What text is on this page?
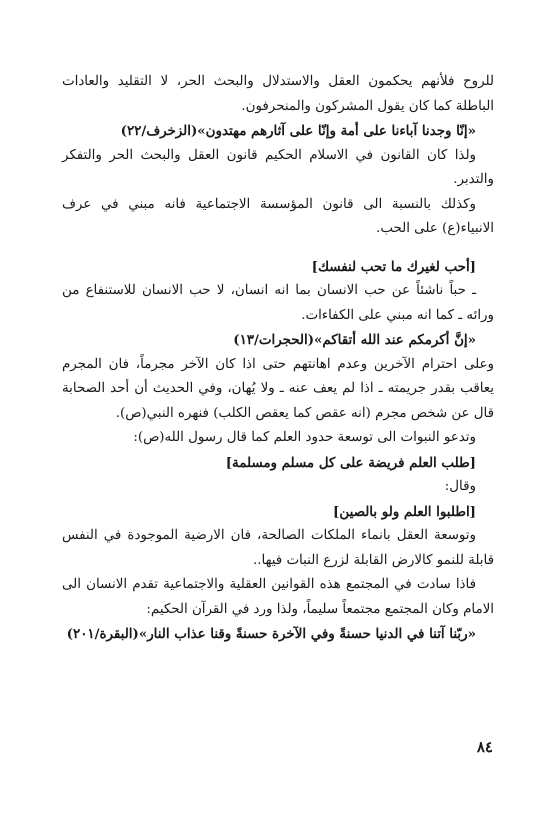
للروح فلأنهم يحكمون العقل والاستدلال والبحث الحر، لا التقليد والعادات الباطلة كما كان يقول المشركون والمنحرفون.

«إنّا وجدنا آباءنا على أمة وإنّا على آثارهم مهتدون»(الزخرف/٢٢)

ولذا كان القانون في الاسلام الحكيم قانون العقل والبحث الحر والتفكر والتدبر.

وكذلك بالنسبة الى قانون المؤسسة الاجتماعية فانه مبني في عرف الانبياء(ع) على الحب.

[أحب لغيرك ما تحب لنفسك]

ـ حباً ناشئاً عن حب الانسان بما انه انسان، لا حب الانسان للاستنفاع من ورائه ـ كما انه مبني على الكفاءات.

«إنَّ أكرمكم عند الله أتقاكم»(الحجرات/١٣)

وعلى احترام الآخرين وعدم اهانتهم حتى اذا كان الآخر مجرماً، فان المجرم يعاقب بقدر جريمته ـ اذا لم يعف عنه ـ ولا يُهان، وفي الحديث أن أحد الصحابة قال عن شخص مجرم (انه عقص كما يعقص الكلب) فنهره النبي(ص).

وتدعو النبوات الى توسعة حدود العلم كما قال رسول الله(ص):

[طلب العلم فريضة على كل مسلم ومسلمة]

وقال:

[اطلبوا العلم ولو بالصين]

وتوسعة العقل بانماء الملكات الصالحة، فان الارضية الموجودة في النفس قابلة للنمو كالارض القابلة لزرع النبات فيها..

فاذا سادت في المجتمع هذه القوانين العقلية والاجتماعية تقدم الانسان الى الامام وكان المجتمع مجتمعاً سليماً، ولذا ورد في القرآن الحكيم:

«ربّنا آتنا في الدنيا حسنةً وفي الآخرة حسنةً وقنا عذاب النار»(البقرة/٢٠١)

٨٤
